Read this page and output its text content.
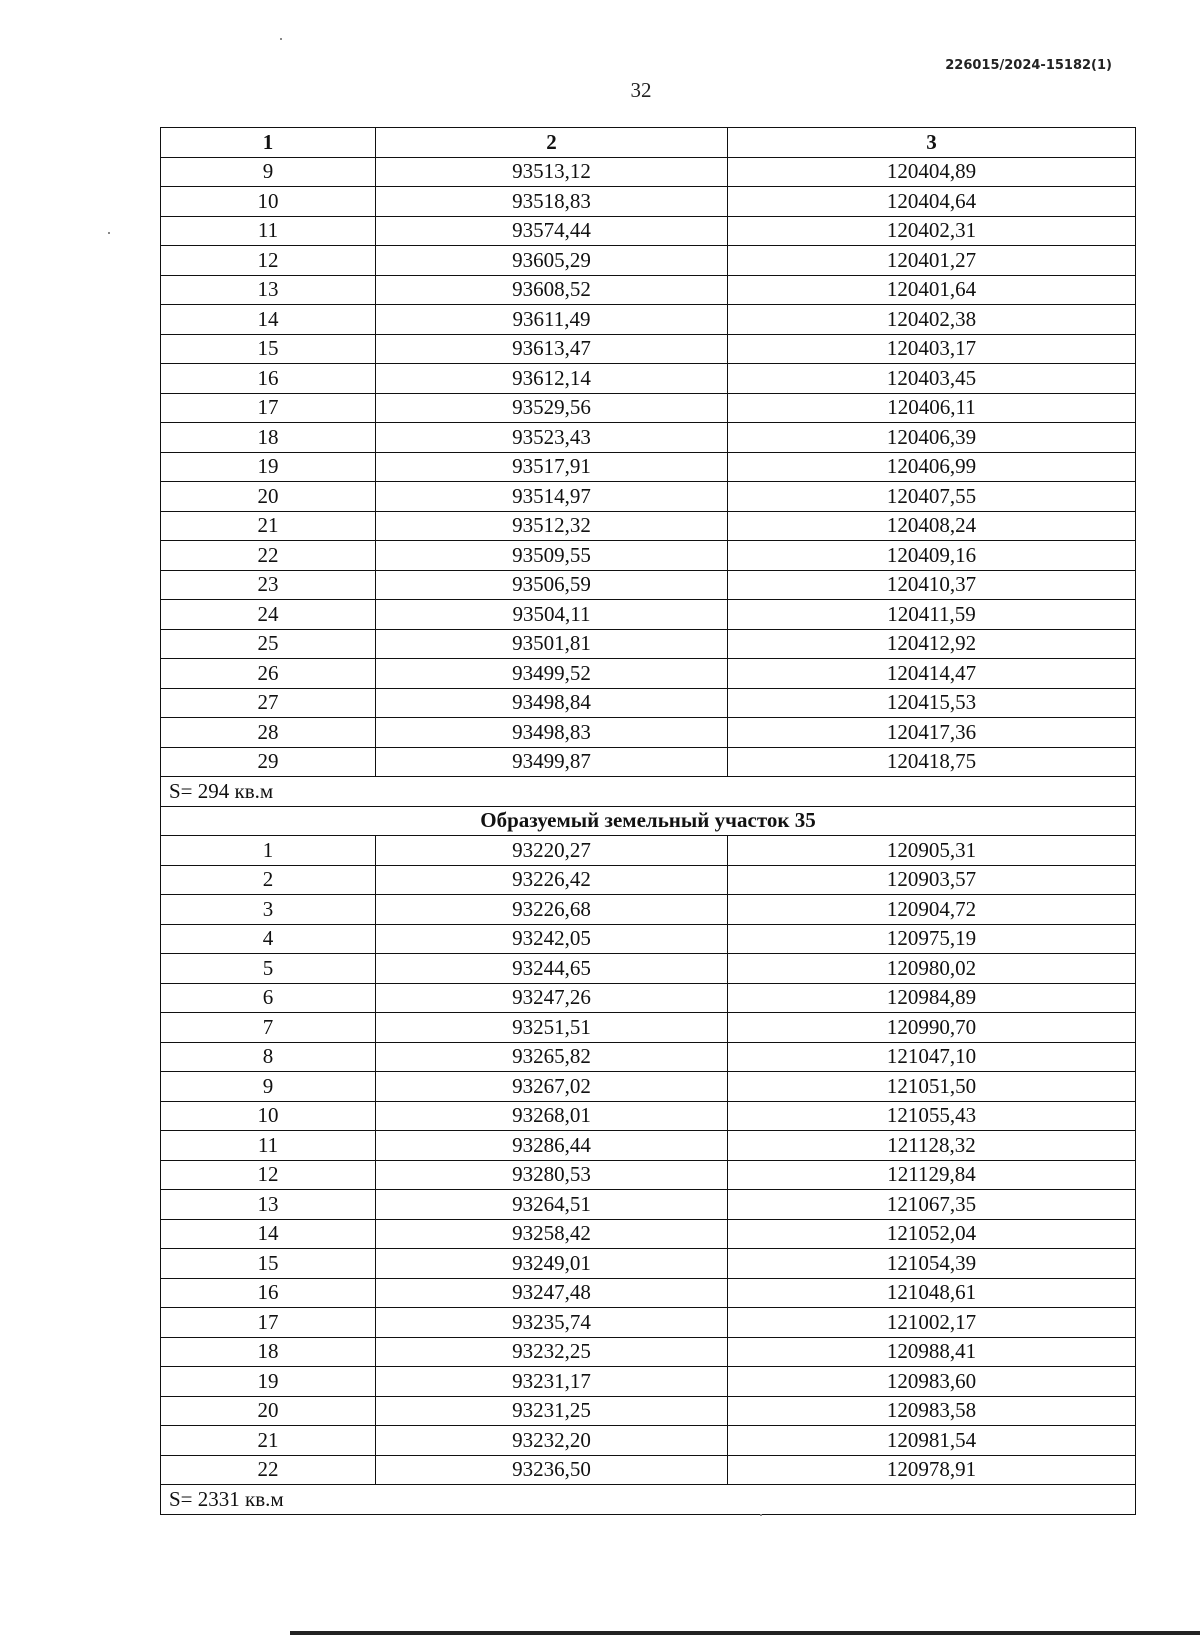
226015/2024-15182(1)
32
1	2	3
9	93513,12	120404,89
10	93518,83	120404,64
11	93574,44	120402,31
12	93605,29	120401,27
13	93608,52	120401,64
14	93611,49	120402,38
15	93613,47	120403,17
16	93612,14	120403,45
17	93529,56	120406,11
18	93523,43	120406,39
19	93517,91	120406,99
20	93514,97	120407,55
21	93512,32	120408,24
22	93509,55	120409,16
23	93506,59	120410,37
24	93504,11	120411,59
25	93501,81	120412,92
26	93499,52	120414,47
27	93498,84	120415,53
28	93498,83	120417,36
29	93499,87	120418,75
S= 294 кв.м		
Образуемый земельный участок 35		
1	93220,27	120905,31
2	93226,42	120903,57
3	93226,68	120904,72
4	93242,05	120975,19
5	93244,65	120980,02
6	93247,26	120984,89
7	93251,51	120990,70
8	93265,82	121047,10
9	93267,02	121051,50
10	93268,01	121055,43
11	93286,44	121128,32
12	93280,53	121129,84
13	93264,51	121067,35
14	93258,42	121052,04
15	93249,01	121054,39
16	93247,48	121048,61
17	93235,74	121002,17
18	93232,25	120988,41
19	93231,17	120983,60
20	93231,25	120983,58
21	93232,20	120981,54
22	93236,50	120978,91
S= 2331 кв.м		
